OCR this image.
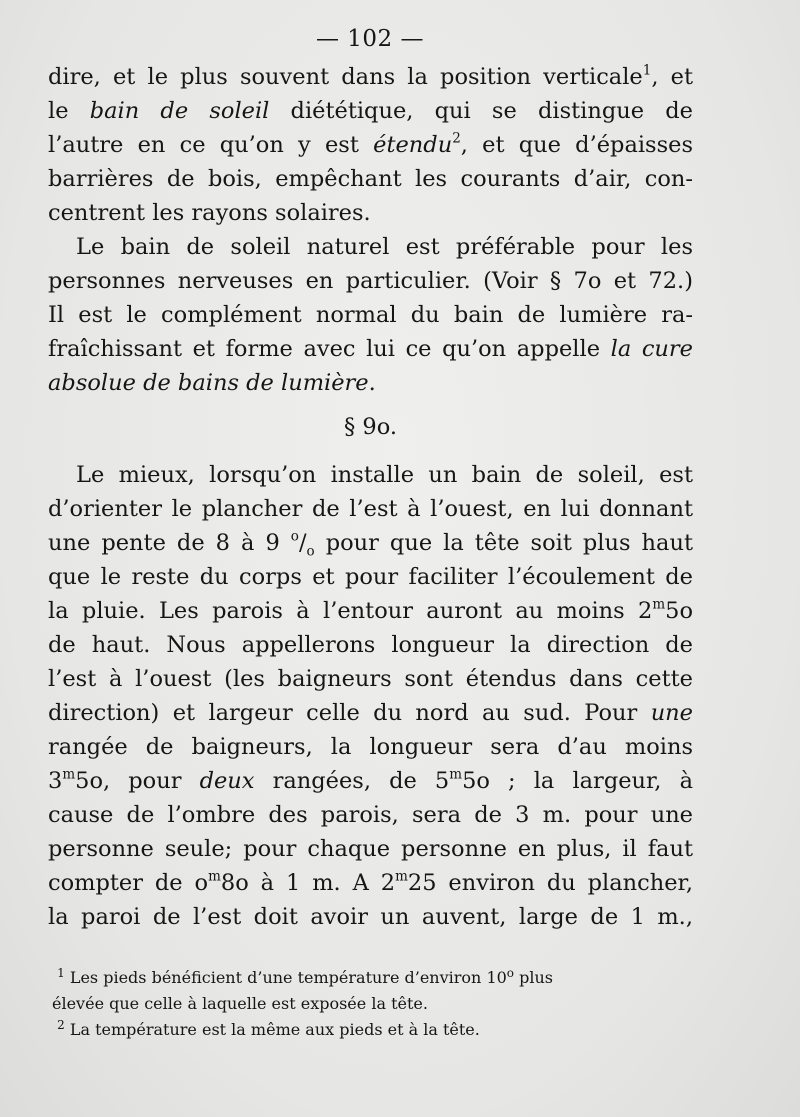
— 102 —
dire, et le plus souvent dans la position verticale$^1$, et
le bain de soleil diététique, qui se distingue de
l’autre en ce qu’on y est étendu$^2$, et que d’épaisses
barrières de bois, empêchant les courants d’air, con-
centrent les rayons solaires.
Le bain de soleil naturel est préférable pour les
personnes nerveuses en particulier. (Voir § 7o et 72.)
Il est le complément normal du bain de lumière ra-
fraîchissant et forme avec lui ce qu’on appelle la cure
absolue de bains de lumière.
§ 9o.
Le mieux, lorsqu’on installe un bain de soleil, est
d’orienter le plancher de l’est à l’ouest, en lui donnant
une pente de 8 à 9 $^o/_o$ pour que la tête soit plus haut
que le reste du corps et pour faciliter l’écoulement de
la pluie. Les parois à l’entour auront au moins 2$^m$5o
de haut. Nous appellerons longueur la direction de
l’est à l’ouest (les baigneurs sont étendus dans cette
direction) et largeur celle du nord au sud. Pour une
rangée de baigneurs, la longueur sera d’au moins
3$^m$5o, pour deux rangées, de 5$^m$5o ; la largeur, à
cause de l’ombre des parois, sera de 3 m. pour une
personne seule; pour chaque personne en plus, il faut
compter de $o^m8o$ à 1 m. A 2$^m$25 environ du plancher,
la paroi de l’est doit avoir un auvent, large de 1 m.,
$^1$ Les pieds bénéficient d’une température d’environ 10$^o$ plus
élevée que celle à laquelle est exposée la tête.
$^2$ La température est la même aux pieds et à la tête.
